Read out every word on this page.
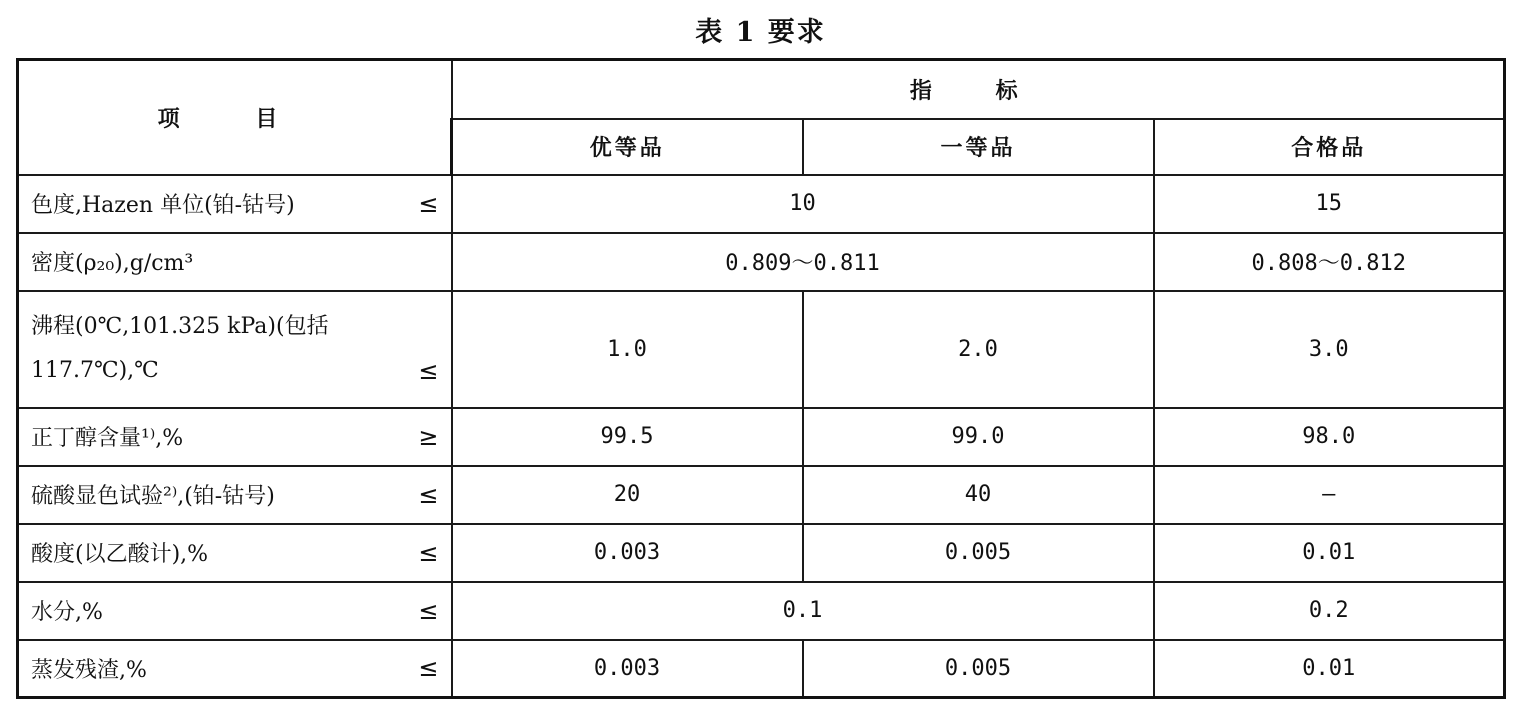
表 1 要求
项 目	指 标		
	优等品	一等品	合格品

色度,Hazen 单位(铂-钴号) ≤	10		15

密度(ρ₂₀),g/cm³	0.809～0.811		0.808～0.812

沸程(0℃,101.325 kPa)(包括
117.7℃),℃ ≤	1.0	2.0	3.0

正丁醇含量¹⁾,% ≥	99.5	99.0	98.0

硫酸显色试验²⁾,(铂-钴号) ≤	20	40	—

酸度(以乙酸计),% ≤	0.003	0.005	0.01

水分,% ≤	0.1		0.2

蒸发残渣,% ≤	0.003	0.005	0.01
